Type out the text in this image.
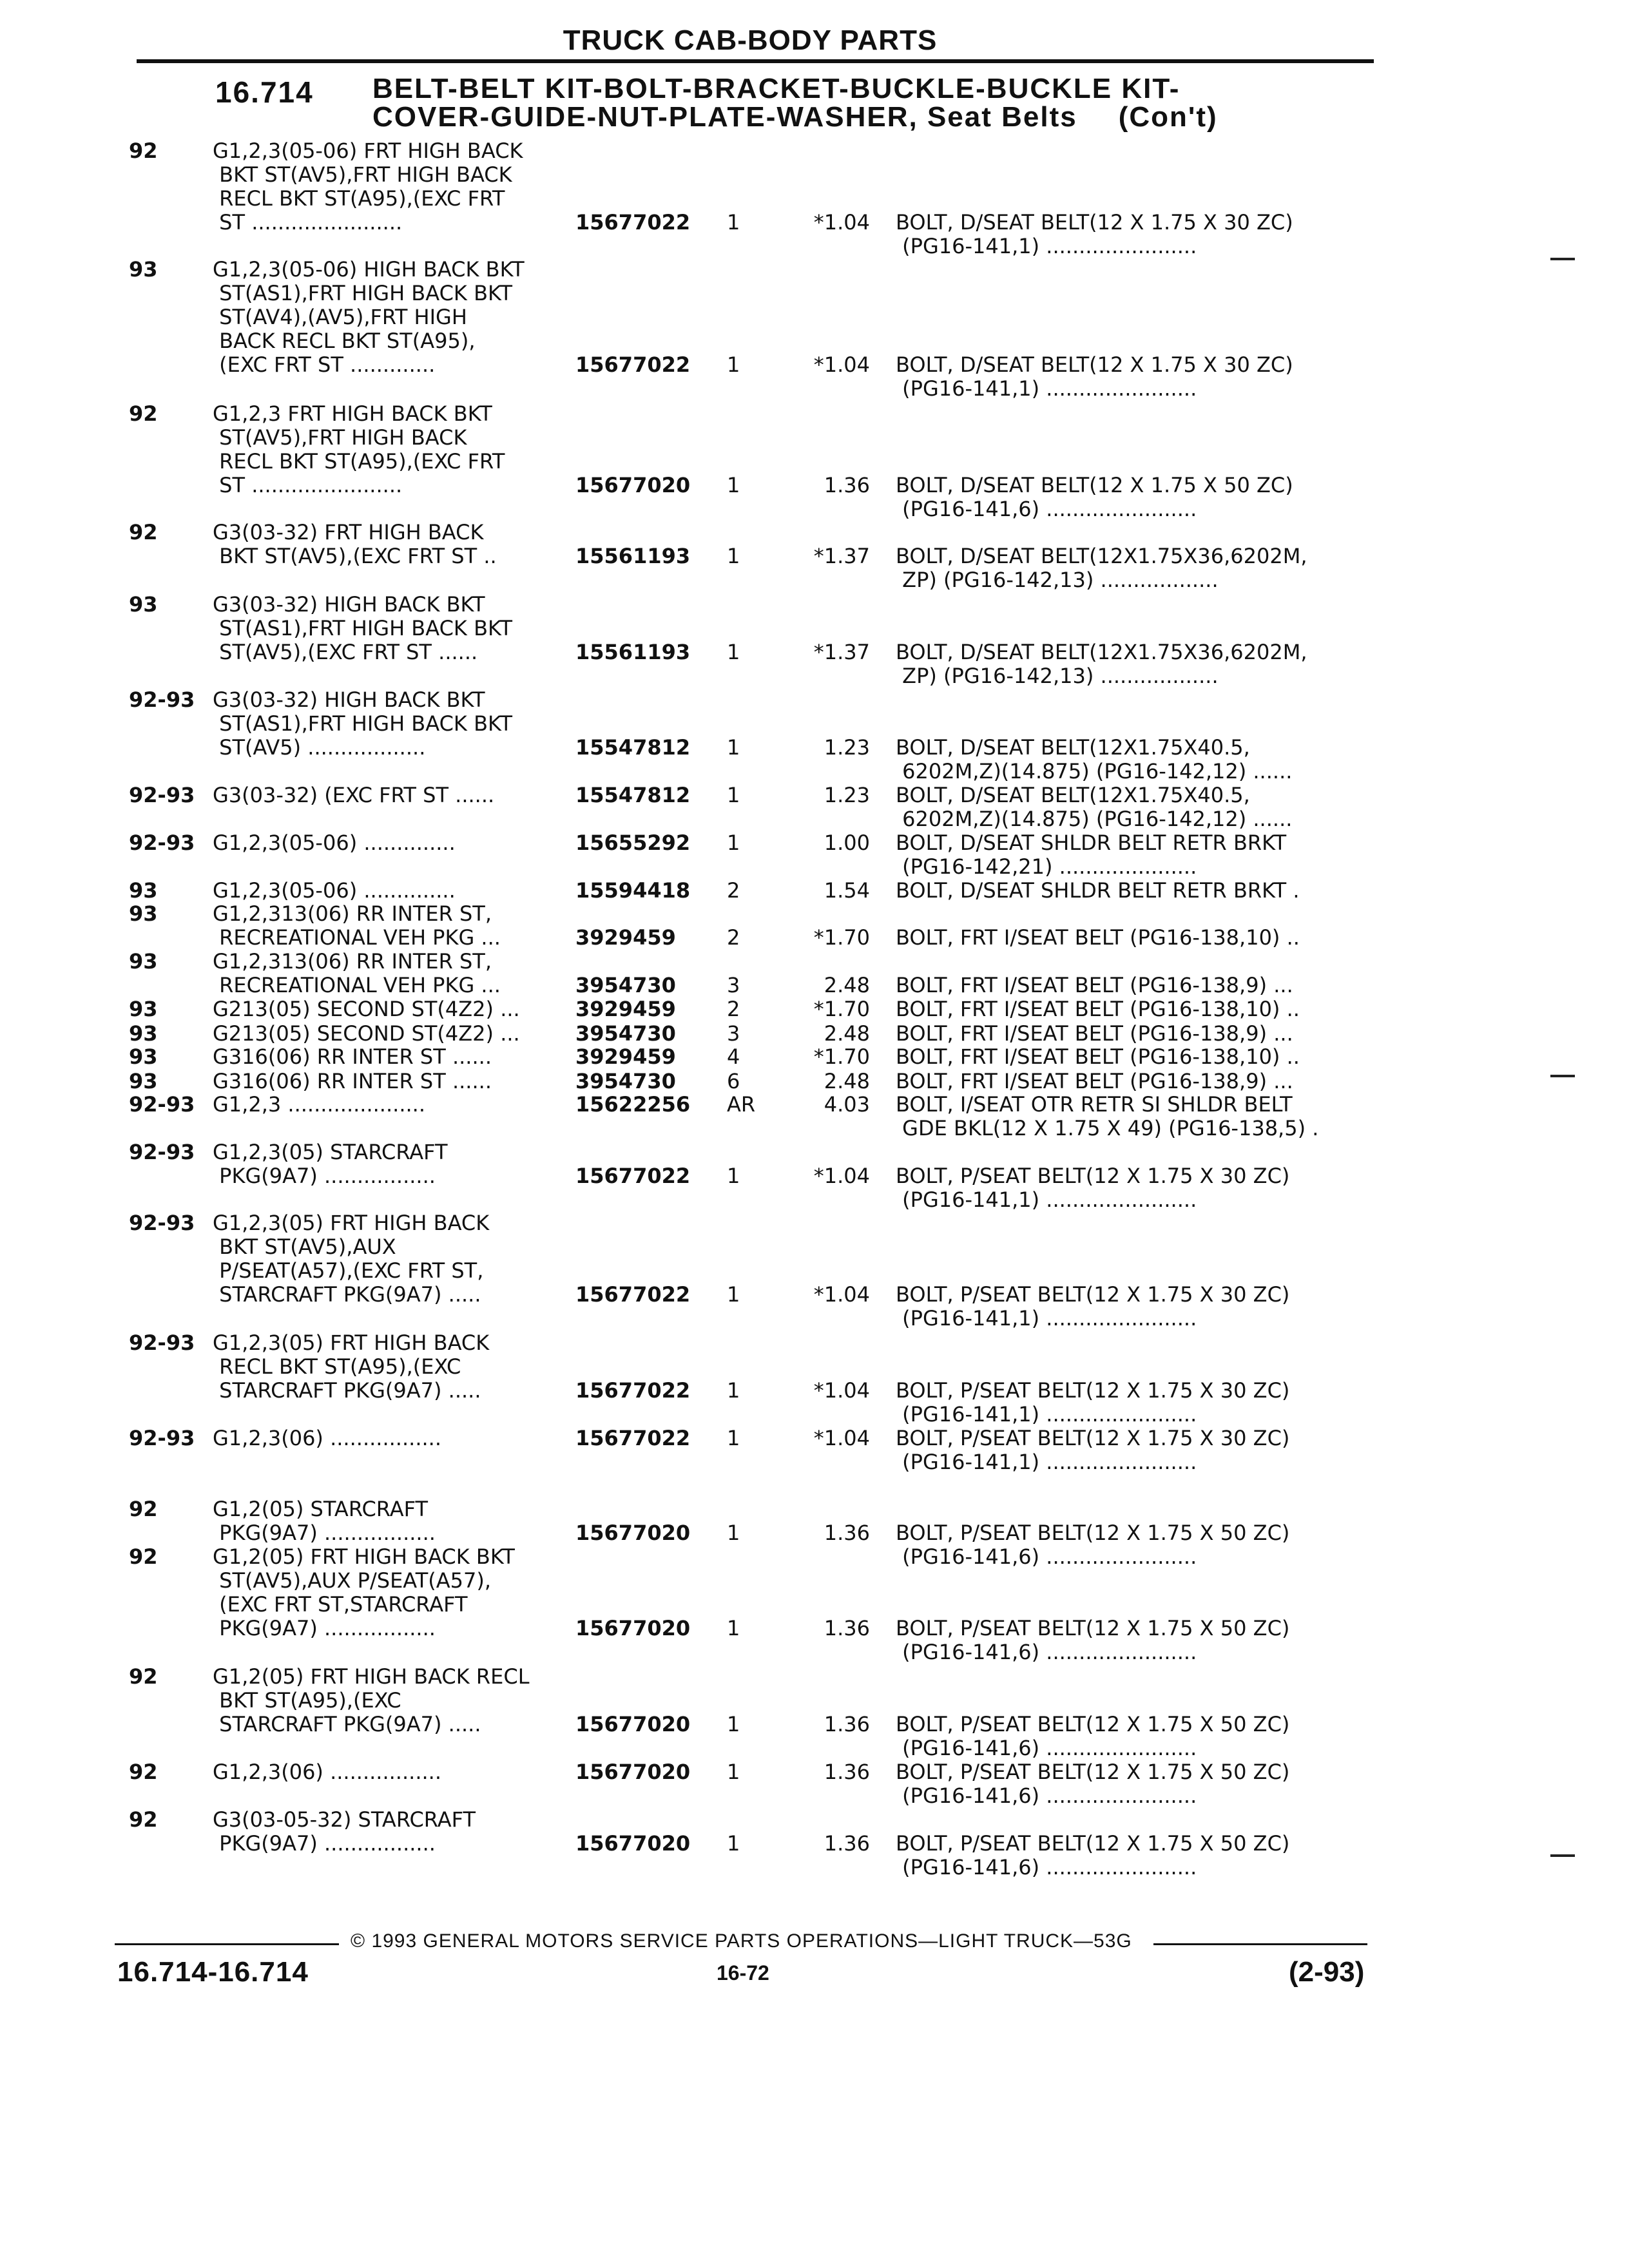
TRUCK CAB-BODY PARTS
16.714 BELT-BELT KIT-BOLT-BRACKET-BUCKLE-BUCKLE KIT-
COVER-GUIDE-NUT-PLATE-WASHER, Seat Belts (Con't)
92	G1,2,3(05-06) FRT HIGH BACK
BKT ST(AV5),FRT HIGH BACK
RECL BKT ST(A95),(EXC FRT
ST .......................	15677022 1	*1.04 BOLT, D/SEAT BELT(12 X 1.75 X 30 ZC)
(PG16-141,1) .......................
93	G1,2,3(05-06) HIGH BACK BKT
ST(AS1),FRT HIGH BACK BKT
ST(AV4),(AV5),FRT HIGH
BACK RECL BKT ST(A95),
(EXC FRT ST .............	15677022 1	*1.04 BOLT, D/SEAT BELT(12 X 1.75 X 30 ZC)
(PG16-141,1) .......................
92	G1,2,3 FRT HIGH BACK BKT
ST(AV5),FRT HIGH BACK
RECL BKT ST(A95),(EXC FRT
ST .......................	15677020 1	1.36 BOLT, D/SEAT BELT(12 X 1.75 X 50 ZC)
(PG16-141,6) .......................
92	G3(03-32) FRT HIGH BACK
BKT ST(AV5),(EXC FRT ST ..	15561193 1	*1.37 BOLT, D/SEAT BELT(12X1.75X36,6202M,
ZP) (PG16-142,13) ..................
93	G3(03-32) HIGH BACK BKT
ST(AS1),FRT HIGH BACK BKT
ST(AV5),(EXC FRT ST ......	15561193 1	*1.37 BOLT, D/SEAT BELT(12X1.75X36,6202M,
ZP) (PG16-142,13) ..................
92-93 G3(03-32) HIGH BACK BKT
ST(AS1),FRT HIGH BACK BKT
ST(AV5) ..................	15547812 1	1.23 BOLT, D/SEAT BELT(12X1.75X40.5,
6202M,Z)(14.875) (PG16-142,12) ......
92-93 G3(03-32) (EXC FRT ST ......	15547812 1	1.23 BOLT, D/SEAT BELT(12X1.75X40.5,
6202M,Z)(14.875) (PG16-142,12) ......
92-93 G1,2,3(05-06) ..............	15655292 1	1.00 BOLT, D/SEAT SHLDR BELT RETR BRKT
(PG16-142,21) .....................
93	G1,2,3(05-06) ..............	15594418 2	1.54 BOLT, D/SEAT SHLDR BELT RETR BRKT .
93	G1,2,313(06) RR INTER ST,
RECREATIONAL VEH PKG ...	3929459 2	*1.70 BOLT, FRT I/SEAT BELT (PG16-138,10) ..
93	G1,2,313(06) RR INTER ST,
RECREATIONAL VEH PKG ...	3954730 3	2.48 BOLT, FRT I/SEAT BELT (PG16-138,9) ...
93	G213(05) SECOND ST(4Z2) ...	3929459 2	*1.70 BOLT, FRT I/SEAT BELT (PG16-138,10) ..
93	G213(05) SECOND ST(4Z2) ...	3954730 3	2.48 BOLT, FRT I/SEAT BELT (PG16-138,9) ...
93	G316(06) RR INTER ST ......	3929459 4	*1.70 BOLT, FRT I/SEAT BELT (PG16-138,10) ..
93	G316(06) RR INTER ST ......	3954730 6	2.48 BOLT, FRT I/SEAT BELT (PG16-138,9) ...
92-93 G1,2,3 .....................	15622256 AR	4.03 BOLT, I/SEAT OTR RETR SI SHLDR BELT
GDE BKL(12 X 1.75 X 49) (PG16-138,5) .
92-93 G1,2,3(05) STARCRAFT
PKG(9A7) .................	15677022 1	*1.04 BOLT, P/SEAT BELT(12 X 1.75 X 30 ZC)
(PG16-141,1) .......................
92-93 G1,2,3(05) FRT HIGH BACK
BKT ST(AV5),AUX
P/SEAT(A57),(EXC FRT ST,
STARCRAFT PKG(9A7) .....	15677022 1	*1.04 BOLT, P/SEAT BELT(12 X 1.75 X 30 ZC)
(PG16-141,1) .......................
92-93 G1,2,3(05) FRT HIGH BACK
RECL BKT ST(A95),(EXC
STARCRAFT PKG(9A7) .....	15677022 1	*1.04 BOLT, P/SEAT BELT(12 X 1.75 X 30 ZC)
(PG16-141,1) .......................
92-93 G1,2,3(06) .................	15677022 1	*1.04 BOLT, P/SEAT BELT(12 X 1.75 X 30 ZC)
(PG16-141,1) .......................
92	G1,2(05) STARCRAFT
PKG(9A7) .................	15677020 1	1.36 BOLT, P/SEAT BELT(12 X 1.75 X 50 ZC)
(PG16-141,6) .......................
92	G1,2(05) FRT HIGH BACK BKT
ST(AV5),AUX P/SEAT(A57),
(EXC FRT ST,STARCRAFT
PKG(9A7) .................	15677020 1	1.36 BOLT, P/SEAT BELT(12 X 1.75 X 50 ZC)
(PG16-141,6) .......................
92	G1,2(05) FRT HIGH BACK RECL
BKT ST(A95),(EXC
STARCRAFT PKG(9A7) .....	15677020 1	1.36 BOLT, P/SEAT BELT(12 X 1.75 X 50 ZC)
(PG16-141,6) .......................
92	G1,2,3(06) .................	15677020 1	1.36 BOLT, P/SEAT BELT(12 X 1.75 X 50 ZC)
(PG16-141,6) .......................
92	G3(03-05-32) STARCRAFT
PKG(9A7) .................	15677020 1	1.36 BOLT, P/SEAT BELT(12 X 1.75 X 50 ZC)
(PG16-141,6) .......................
© 1993 GENERAL MOTORS SERVICE PARTS OPERATIONS—LIGHT TRUCK—53G
16.714-16.714	16-72	(2-93)
